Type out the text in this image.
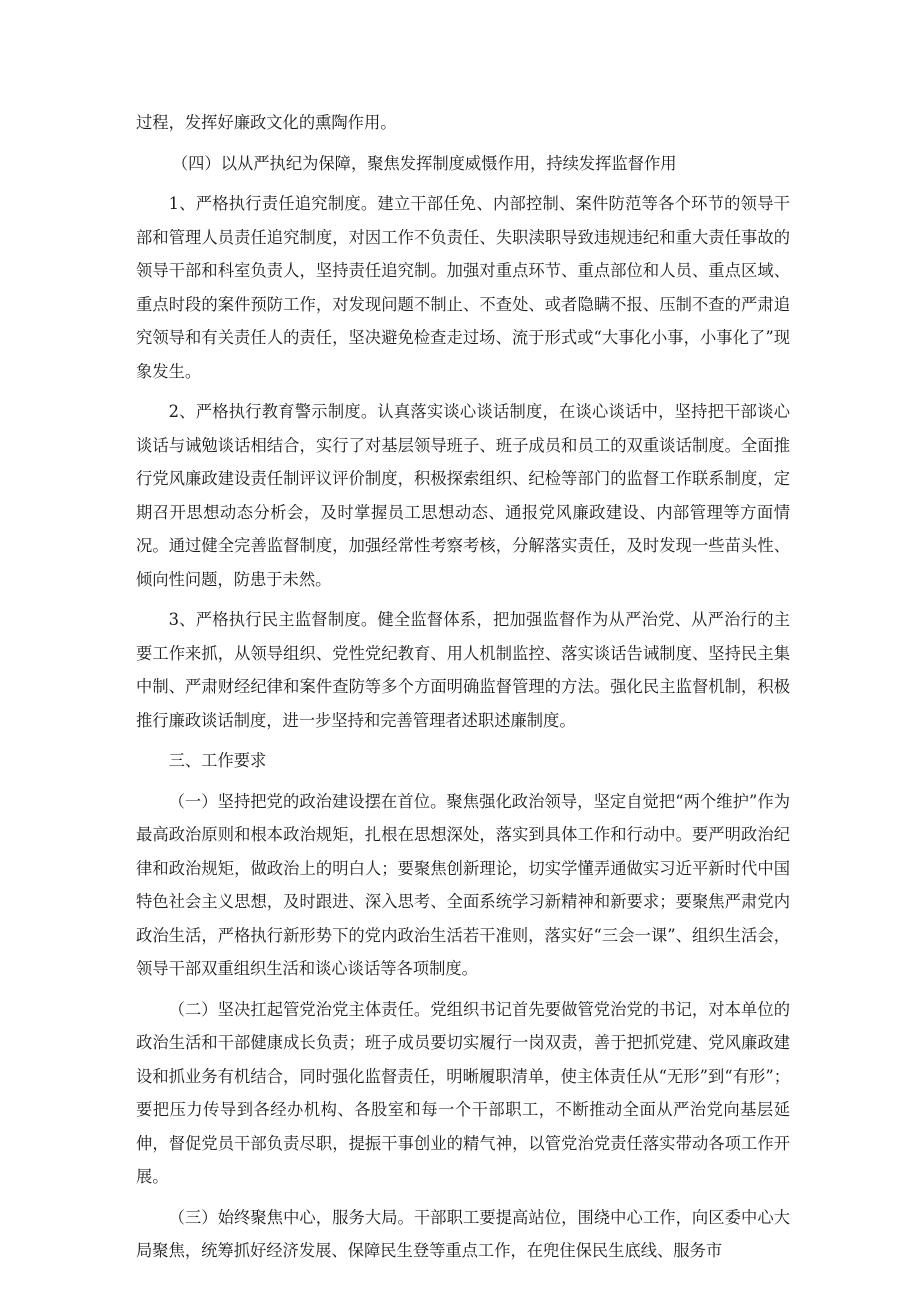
过程，发挥好廉政文化的熏陶作用。

（四）以从严执纪为保障，聚焦发挥制度威慑作用，持续发挥监督作用

1、严格执行责任追究制度。建立干部任免、内部控制、案件防范等各个环节的领导干部和管理人员责任追究制度，对因工作不负责任、失职渎职导致违规违纪和重大责任事故的领导干部和科室负责人，坚持责任追究制。加强对重点环节、重点部位和人员、重点区域、重点时段的案件预防工作，对发现问题不制止、不查处、或者隐瞒不报、压制不查的严肃追究领导和有关责任人的责任，坚决避免检查走过场、流于形式或“大事化小事，小事化了”现象发生。

2、严格执行教育警示制度。认真落实谈心谈话制度，在谈心谈话中，坚持把干部谈心谈话与诫勉谈话相结合，实行了对基层领导班子、班子成员和员工的双重谈话制度。全面推行党风廉政建设责任制评议评价制度，积极探索组织、纪检等部门的监督工作联系制度，定期召开思想动态分析会，及时掌握员工思想动态、通报党风廉政建设、内部管理等方面情况。通过健全完善监督制度，加强经常性考察考核，分解落实责任，及时发现一些苗头性、倾向性问题，防患于未然。

3、严格执行民主监督制度。健全监督体系，把加强监督作为从严治党、从严治行的主要工作来抓，从领导组织、党性党纪教育、用人机制监控、落实谈话告诫制度、坚持民主集中制、严肃财经纪律和案件查防等多个方面明确监督管理的方法。强化民主监督机制，积极推行廉政谈话制度，进一步坚持和完善管理者述职述廉制度。

三、工作要求

（一）坚持把党的政治建设摆在首位。聚焦强化政治领导，坚定自觉把“两个维护”作为最高政治原则和根本政治规矩，扎根在思想深处，落实到具体工作和行动中。要严明政治纪律和政治规矩，做政治上的明白人；要聚焦创新理论，切实学懂弄通做实习近平新时代中国特色社会主义思想，及时跟进、深入思考、全面系统学习新精神和新要求；要聚焦严肃党内政治生活，严格执行新形势下的党内政治生活若干准则，落实好“三会一课”、组织生活会，领导干部双重组织生活和谈心谈话等各项制度。

（二）坚决扛起管党治党主体责任。党组织书记首先要做管党治党的书记，对本单位的政治生活和干部健康成长负责；班子成员要切实履行一岗双责，善于把抓党建、党风廉政建设和抓业务有机结合，同时强化监督责任，明晰履职清单，使主体责任从“无形”到“有形”；要把压力传导到各经办机构、各股室和每一个干部职工，不断推动全面从严治党向基层延伸，督促党员干部负责尽职，提振干事创业的精气神，以管党治党责任落实带动各项工作开展。

（三）始终聚焦中心，服务大局。干部职工要提高站位，围绕中心工作，向区委中心大局聚焦，统筹抓好经济发展、保障民生登等重点工作，在兜住保民生底线、服务市
